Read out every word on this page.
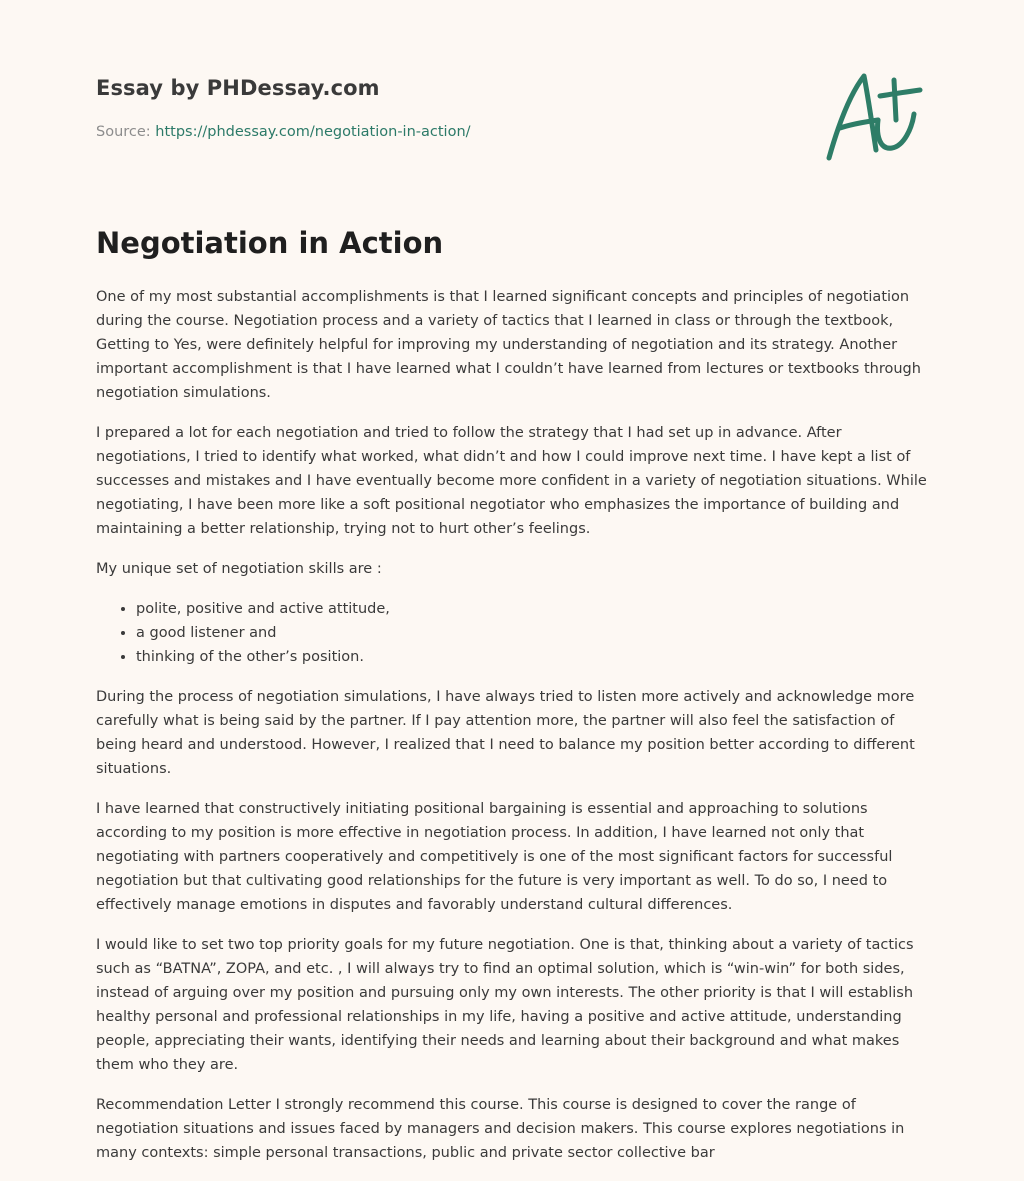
Essay by PHDessay.com
Source: https://phdessay.com/negotiation-in-action/
Negotiation in Action

One of my most substantial accomplishments is that I learned significant concepts and principles of negotiation during the course. Negotiation process and a variety of tactics that I learned in class or through the textbook, Getting to Yes, were definitely helpful for improving my understanding of negotiation and its strategy. Another important accomplishment is that I have learned what I couldn’t have learned from lectures or textbooks through negotiation simulations.

I prepared a lot for each negotiation and tried to follow the strategy that I had set up in advance. After negotiations, I tried to identify what worked, what didn’t and how I could improve next time. I have kept a list of successes and mistakes and I have eventually become more confident in a variety of negotiation situations. While negotiating, I have been more like a soft positional negotiator who emphasizes the importance of building and maintaining a better relationship, trying not to hurt other’s feelings.

My unique set of negotiation skills are :

• polite, positive and active attitude,
• a good listener and
• thinking of the other’s position.

During the process of negotiation simulations, I have always tried to listen more actively and acknowledge more carefully what is being said by the partner. If I pay attention more, the partner will also feel the satisfaction of being heard and understood. However, I realized that I need to balance my position better according to different situations.

I have learned that constructively initiating positional bargaining is essential and approaching to solutions according to my position is more effective in negotiation process. In addition, I have learned not only that negotiating with partners cooperatively and competitively is one of the most significant factors for successful negotiation but that cultivating good relationships for the future is very important as well. To do so, I need to effectively manage emotions in disputes and favorably understand cultural differences.

I would like to set two top priority goals for my future negotiation. One is that, thinking about a variety of tactics such as “BATNA”, ZOPA, and etc. , I will always try to find an optimal solution, which is “win-win” for both sides, instead of arguing over my position and pursuing only my own interests. The other priority is that I will establish healthy personal and professional relationships in my life, having a positive and active attitude, understanding people, appreciating their wants, identifying their needs and learning about their background and what makes them who they are.

Recommendation Letter I strongly recommend this course. This course is designed to cover the range of negotiation situations and issues faced by managers and decision makers. This course explores negotiations in many contexts: simple personal transactions, public and private sector collective bar
